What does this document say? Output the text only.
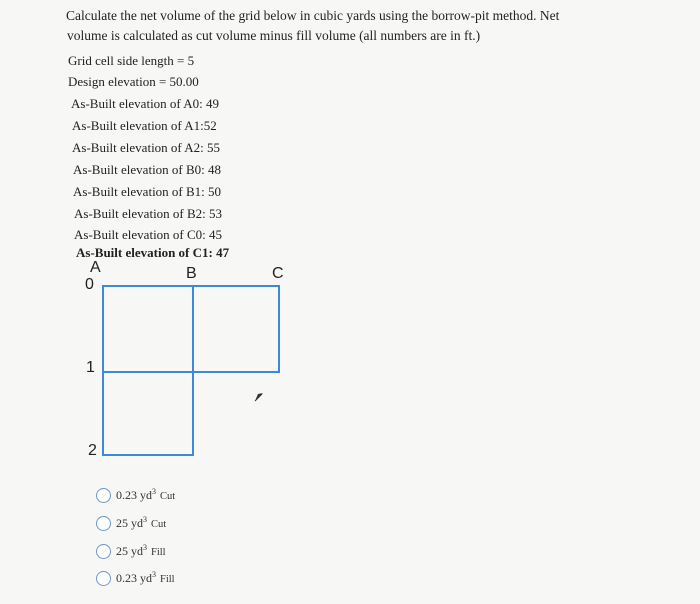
Calculate the net volume of the grid below in cubic yards using the borrow-pit method. Net
volume is calculated as cut volume minus fill volume (all numbers are in ft.)
Grid cell side length = 5
Design elevation = 50.00
As-Built elevation of A0: 49
As-Built elevation of A1:52
As-Built elevation of A2: 55
As-Built elevation of B0: 48
As-Built elevation of B1: 50
As-Built elevation of B2: 53
As-Built elevation of C0: 45
As-Built elevation of C1: 47
A	B	C
0
1
2
0.23 $yd^3$ Cut
25 $yd^3$ Cut
25 $yd^3$ Fill
0.23 $yd^3$ Fill
